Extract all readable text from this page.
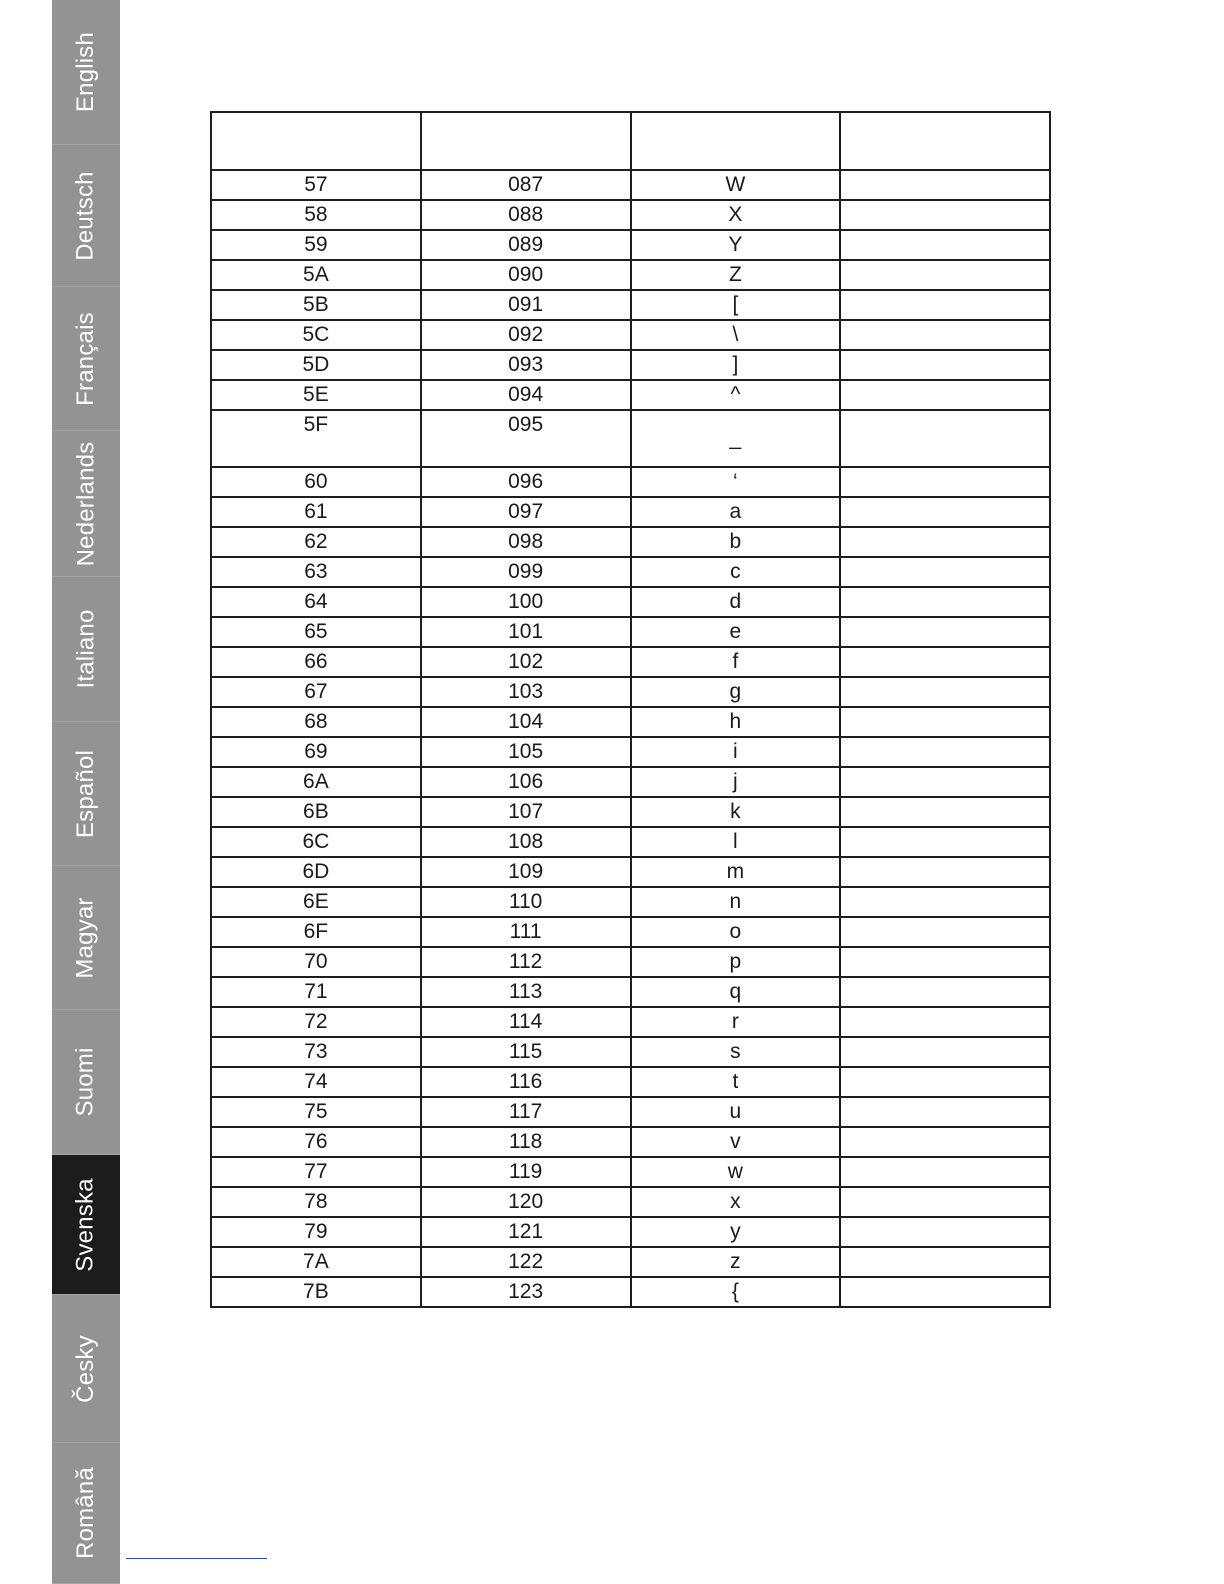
English
Deutsch
Français
Nederlands
Italiano
Español
Magyar
Suomi
Svenska
Česky
Română

57	087	W	
58	088	X	
59	089	Y	
5A	090	Z	
5B	091	[	
5C	092	\	
5D	093	]	
5E	094	^	
5F	095	_	
60	096	‘	
61	097	a	
62	098	b	
63	099	c	
64	100	d	
65	101	e	
66	102	f	
67	103	g	
68	104	h	
69	105	i	
6A	106	j	
6B	107	k	
6C	108	l	
6D	109	m	
6E	110	n	
6F	111	o	
70	112	p	
71	113	q	
72	114	r	
73	115	s	
74	116	t	
75	117	u	
76	118	v	
77	119	w	
78	120	x	
79	121	y	
7A	122	z	
7B	123	{	
